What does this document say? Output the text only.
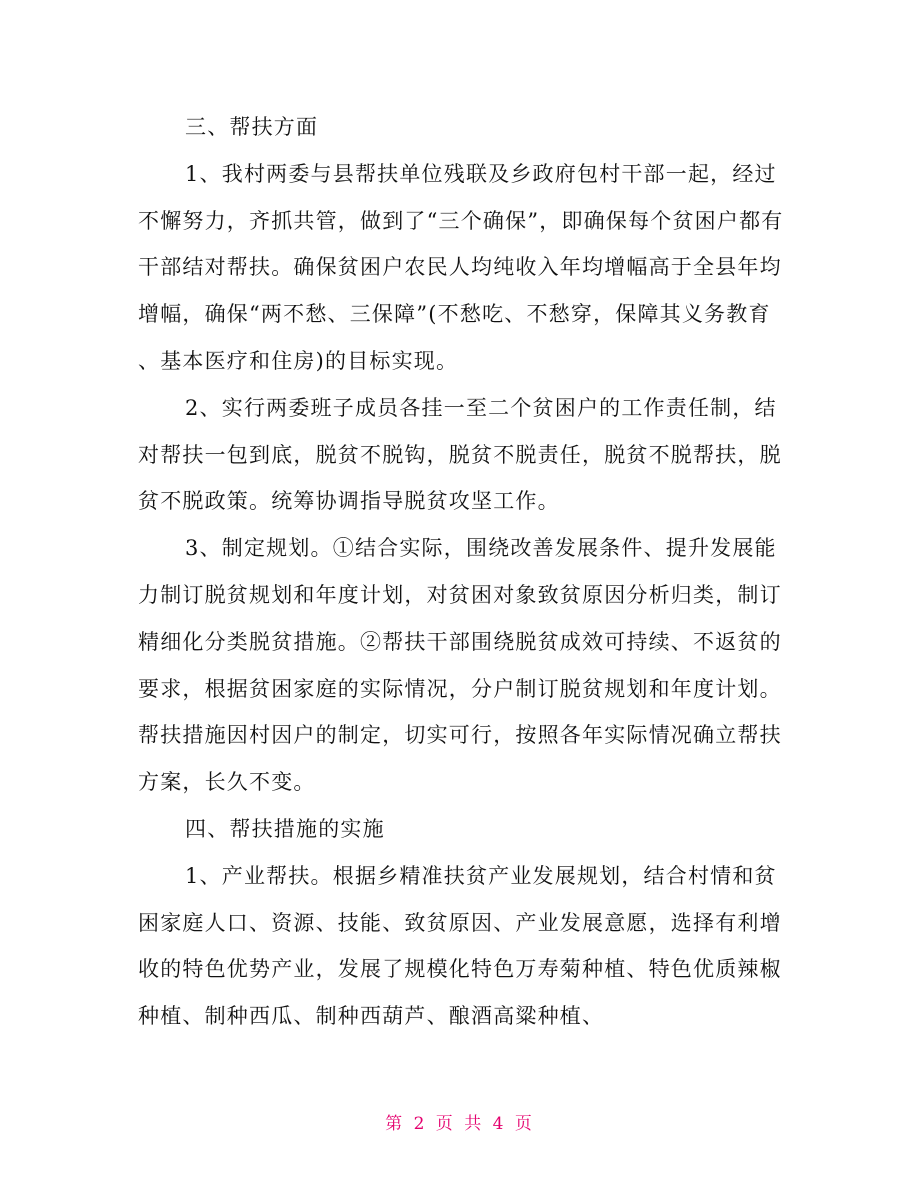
三、帮扶方面

1、我村两委与县帮扶单位残联及乡政府包村干部一起，经过不懈努力，齐抓共管，做到了“三个确保”，即确保每个贫困户都有干部结对帮扶。确保贫困户农民人均纯收入年均增幅高于全县年均增幅，确保“两不愁、三保障”(不愁吃、不愁穿，保障其义务教育、基本医疗和住房)的目标实现。

2、实行两委班子成员各挂一至二个贫困户的工作责任制，结对帮扶一包到底，脱贫不脱钩，脱贫不脱责任，脱贫不脱帮扶，脱贫不脱政策。统筹协调指导脱贫攻坚工作。

3、制定规划。①结合实际，围绕改善发展条件、提升发展能力制订脱贫规划和年度计划，对贫困对象致贫原因分析归类，制订精细化分类脱贫措施。②帮扶干部围绕脱贫成效可持续、不返贫的要求，根据贫困家庭的实际情况，分户制订脱贫规划和年度计划。帮扶措施因村因户的制定，切实可行，按照各年实际情况确立帮扶方案，长久不变。

四、帮扶措施的实施

1、产业帮扶。根据乡精准扶贫产业发展规划，结合村情和贫困家庭人口、资源、技能、致贫原因、产业发展意愿，选择有利增收的特色优势产业，发展了规模化特色万寿菊种植、特色优质辣椒种植、制种西瓜、制种西葫芦、酿酒高粱种植、

第 2 页 共 4 页
